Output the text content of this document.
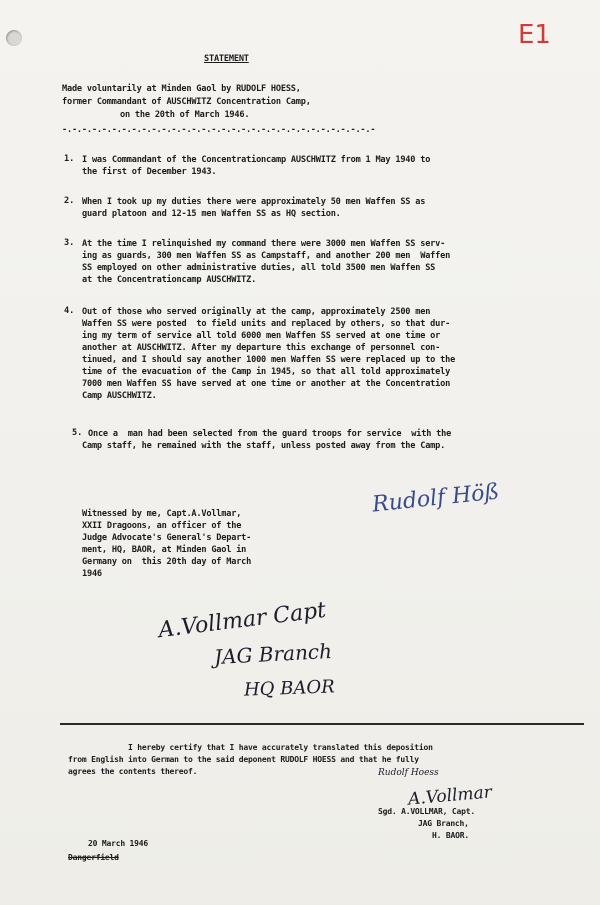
E1
STATEMENT
Made voluntarily at Minden Gaol by RUDOLF HOESS,
former Commandant of AUSCHWITZ Concentration Camp,
on the 20th of March 1946.
-.-.-.-.-.-.-.-.-.-.-.-.-.-.-.-.-.-.-.-.-.-.-.-.-.-.-.-.-.-.-.-
1. I was Commandant of the Concentrationcamp AUSCHWITZ from 1 May 1940 to
the first of December 1943.
2. When I took up my duties there were approximately 50 men Waffen SS as
guard platoon and 12-15 men Waffen SS as HQ section.
3. At the time I relinquished my command there were 3000 men Waffen SS serv-
ing as guards, 300 men Waffen SS as Campstaff, and another 200 men  Waffen
SS employed on other administrative duties, all told 3500 men Waffen SS
at the Concentrationcamp AUSCHWITZ.
4. Out of those who served originally at the camp, approximately 2500 men
Waffen SS were posted  to field units and replaced by others, so that dur-
ing my term of service all told 6000 men Waffen SS served at one time or
another at AUSCHWITZ. After my departure this exchange of personnel con-
tinued, and I should say another 1000 men Waffen SS were replaced up to the
time of the evacuation of the Camp in 1945, so that all told approximately
7000 men Waffen SS have served at one time or another at the Concentration
Camp AUSCHWITZ.
5. Once a  man had been selected from the guard troops for service  with the
Camp staff, he remained with the staff, unless posted away from the Camp.
Witnessed by me, Capt.A.Vollmar,
XXII Dragoons, an officer of the
Judge Advocate's General's Depart-
ment, HQ, BAOR, at Minden Gaol in
Germany on  this 20th day of March
1946
Rudolf Höß
A.Vollmar Capt
JAG Branch
HQ BAOR
I hereby certify that I have accurately translated this deposition
from English into German to the said deponent RUDOLF HOESS and that he fully
agrees the contents thereof.	Rudolf Hoess
A.Vollmar
Sgd. A.VOLLMAR, Capt.
JAG Branch,
H. BAOR.
20 March 1946
Dangerfield
